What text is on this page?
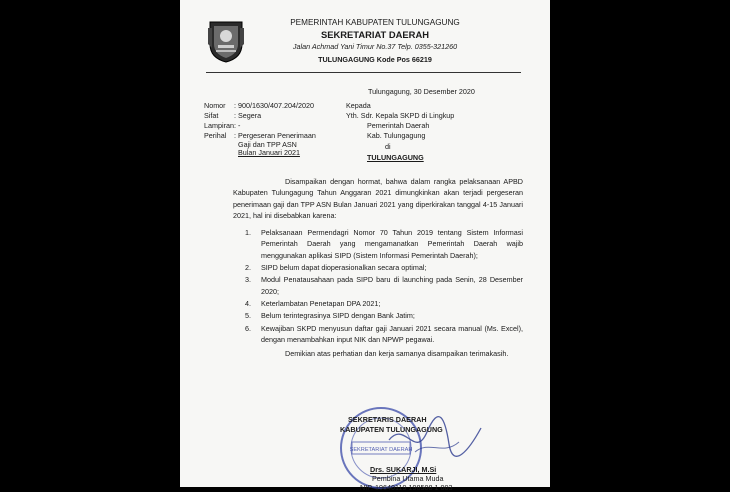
PEMERINTAH KABUPATEN TULUNGAGUNG
SEKRETARIAT DAERAH
Jalan Achmad Yani Timur No.37 Telp. 0355-321260
TULUNGAGUNG Kode Pos 66219
Tulungagung, 30 Desember 2020
Nomor : 900/1630/407.204/2020
Sifat : Segera
Lampiran : -
Perihal : Pergeseran Penerimaan
Gaji dan TPP ASN
Bulan Januari 2021
Kepada
Yth. Sdr. Kepala SKPD di Lingkup
Pemerintah Daerah
Kab. Tulungagung
di
TULUNGAGUNG

Disampaikan dengan hormat, bahwa dalam rangka pelaksanaan APBD Kabupaten Tulungagung Tahun Anggaran 2021 dimungkinkan akan terjadi pergeseran penerimaan gaji dan TPP ASN Bulan Januari 2021 yang diperkirakan tanggal 4-15 Januari 2021, hal ini disebabkan karena:

1. Pelaksanaan Permendagri Nomor 70 Tahun 2019 tentang Sistem Informasi Pemerintah Daerah yang mengamanatkan Pemerintah Daerah wajib menggunakan aplikasi SIPD (Sistem Informasi Pemerintah Daerah);
2. SIPD belum dapat dioperasionalkan secara optimal;
3. Modul Penatausahaan pada SIPD baru di launching pada Senin, 28 Desember 2020;
4. Keterlambatan Penetapan DPA 2021;
5. Belum terintegrasinya SIPD dengan Bank Jatim;
6. Kewajiban SKPD menyusun daftar gaji Januari 2021 secara manual (Ms. Excel), dengan menambahkan input NIK dan NPWP pegawai.

Demikian atas perhatian dan kerja samanya disampaikan terimakasih.

SEKRETARIAT DAERAH
SEKRETARIS DAERAH
KABUPATEN TULUNGAGUNG
Drs. SUKARJI, M.Si
Pembina Utama Muda
NIP. 19640119 198508 1 003
